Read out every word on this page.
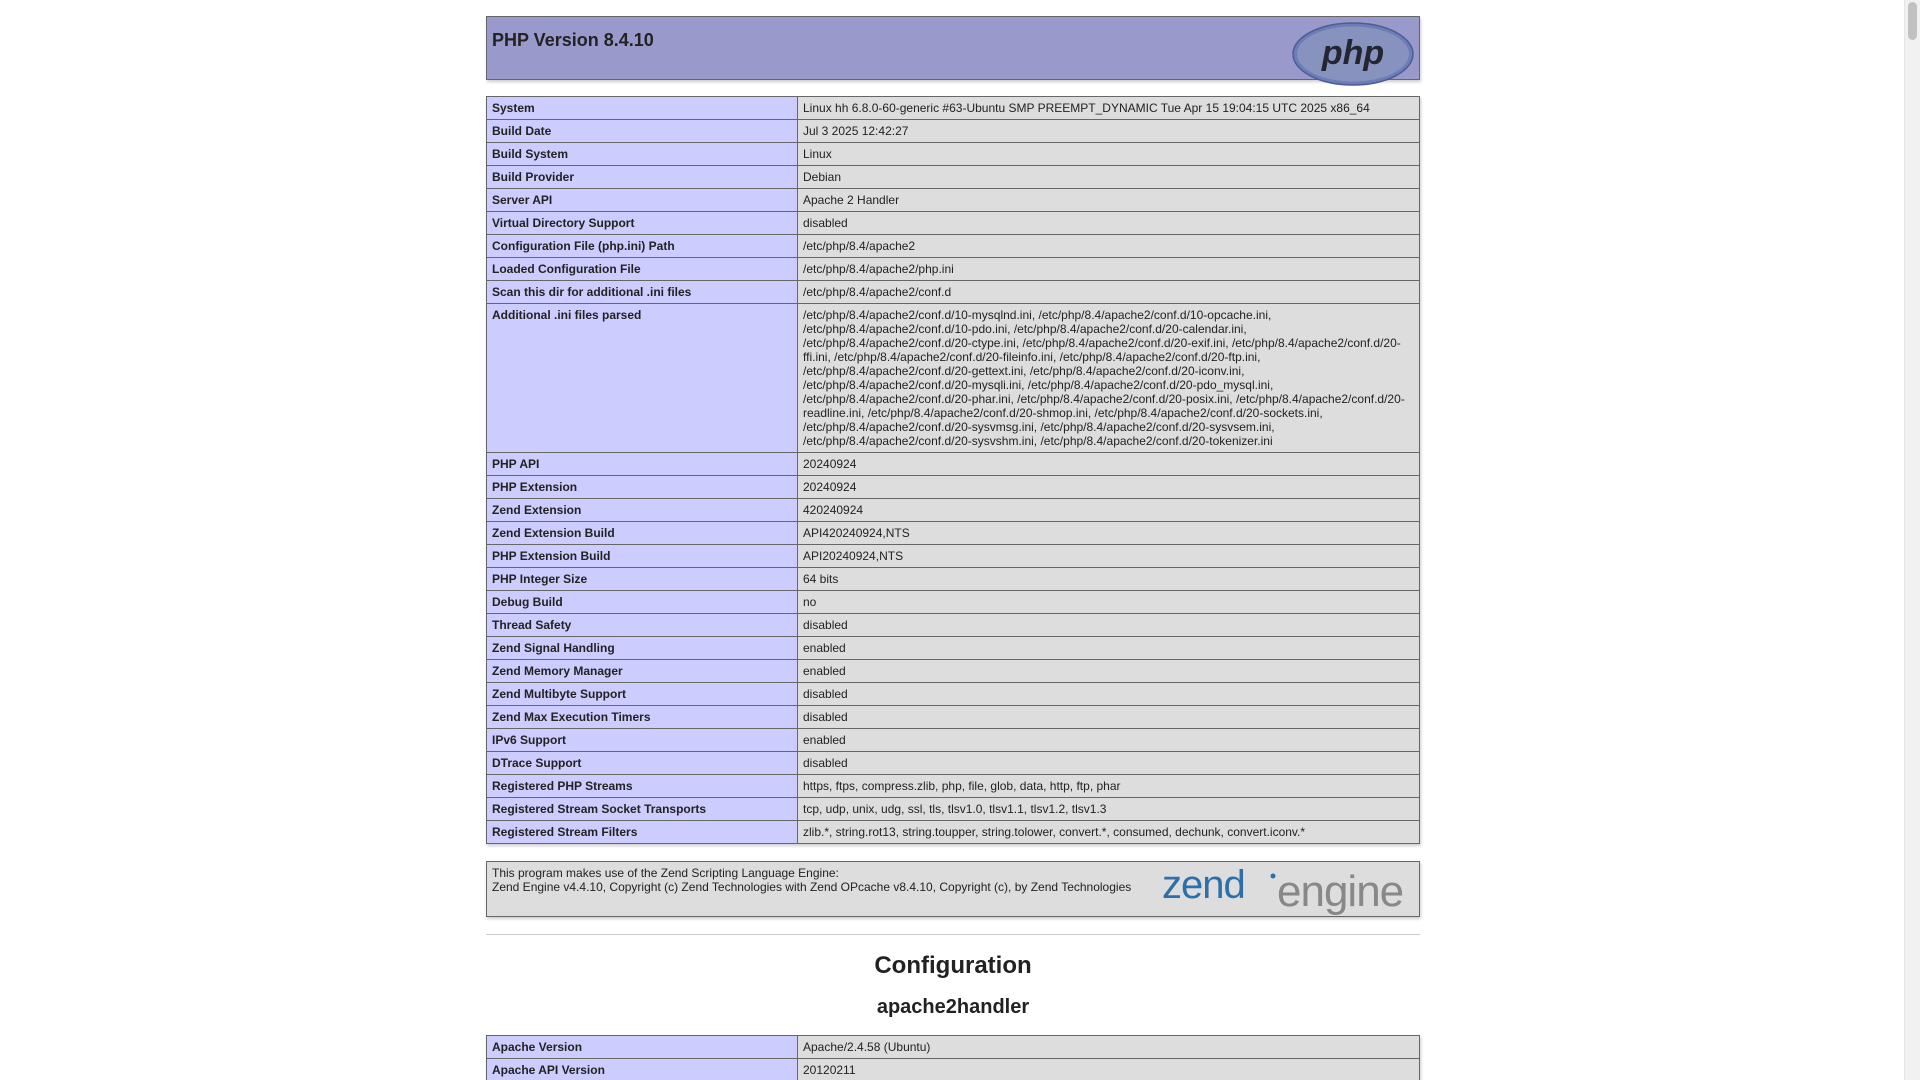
PHP Version 8.4.10	php
System	Linux hh 6.8.0-60-generic #63-Ubuntu SMP PREEMPT_DYNAMIC Tue Apr 15 19:04:15 UTC 2025 x86_64
Build Date	Jul 3 2025 12:42:27
Build System	Linux
Build Provider	Debian
Server API	Apache 2 Handler
Virtual Directory Support	disabled
Configuration File (php.ini) Path	/etc/php/8.4/apache2
Loaded Configuration File	/etc/php/8.4/apache2/php.ini
Scan this dir for additional .ini files	/etc/php/8.4/apache2/conf.d
Additional .ini files parsed	/etc/php/8.4/apache2/conf.d/10-mysqlnd.ini, /etc/php/8.4/apache2/conf.d/10-opcache.ini, /etc/php/8.4/apache2/conf.d/10-pdo.ini, /etc/php/8.4/apache2/conf.d/20-calendar.ini, /etc/php/8.4/apache2/conf.d/20-ctype.ini, /etc/php/8.4/apache2/conf.d/20-exif.ini, /etc/php/8.4/apache2/conf.d/20-ffi.ini, /etc/php/8.4/apache2/conf.d/20-fileinfo.ini, /etc/php/8.4/apache2/conf.d/20-ftp.ini, /etc/php/8.4/apache2/conf.d/20-gettext.ini, /etc/php/8.4/apache2/conf.d/20-iconv.ini, /etc/php/8.4/apache2/conf.d/20-mysqli.ini, /etc/php/8.4/apache2/conf.d/20-pdo_mysql.ini, /etc/php/8.4/apache2/conf.d/20-phar.ini, /etc/php/8.4/apache2/conf.d/20-posix.ini, /etc/php/8.4/apache2/conf.d/20-readline.ini, /etc/php/8.4/apache2/conf.d/20-shmop.ini, /etc/php/8.4/apache2/conf.d/20-sockets.ini, /etc/php/8.4/apache2/conf.d/20-sysvmsg.ini, /etc/php/8.4/apache2/conf.d/20-sysvsem.ini, /etc/php/8.4/apache2/conf.d/20-sysvshm.ini, /etc/php/8.4/apache2/conf.d/20-tokenizer.ini
PHP API	20240924
PHP Extension	20240924
Zend Extension	420240924
Zend Extension Build	API420240924,NTS
PHP Extension Build	API20240924,NTS
PHP Integer Size	64 bits
Debug Build	no
Thread Safety	disabled
Zend Signal Handling	enabled
Zend Memory Manager	enabled
Zend Multibyte Support	disabled
Zend Max Execution Timers	disabled
IPv6 Support	enabled
DTrace Support	disabled
Registered PHP Streams	https, ftps, compress.zlib, php, file, glob, data, http, ftp, phar
Registered Stream Socket Transports	tcp, udp, unix, udg, ssl, tls, tlsv1.0, tlsv1.1, tlsv1.2, tlsv1.3
Registered Stream Filters	zlib.*, string.rot13, string.toupper, string.tolower, convert.*, consumed, dechunk, convert.iconv.*
This program makes use of the Zend Scripting Language Engine:
Zend Engine v4.4.10, Copyright (c) Zend Technologies with Zend OPcache v8.4.10, Copyright (c), by Zend Technologies zend engine
Configuration
apache2handler
Apache Version	Apache/2.4.58 (Ubuntu)
Apache API Version	20120211
